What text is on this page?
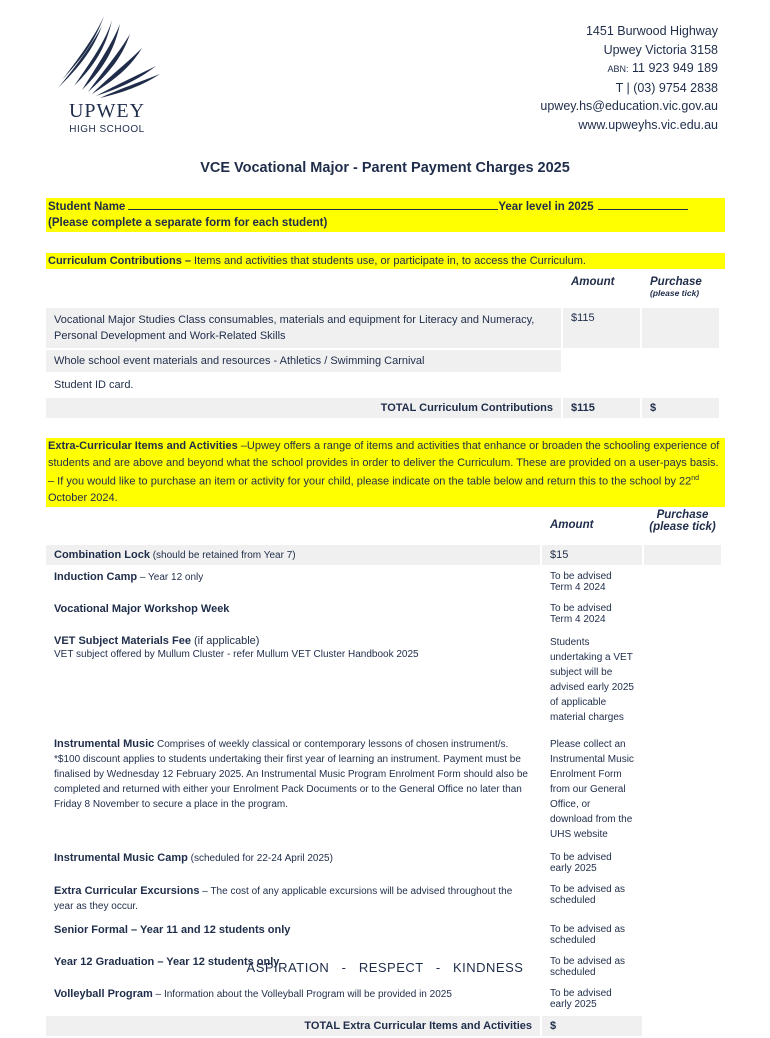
UPWEY
HIGH SCHOOL
1451 Burwood Highway
Upwey Victoria 3158
ABN: 11 923 949 189
T | (03) 9754 2838
upwey.hs@education.vic.gov.au
www.upweyhs.vic.edu.au
VCE Vocational Major - Parent Payment Charges 2025
Student Name	Year level in 2025
(Please complete a separate form for each student)
Curriculum Contributions – Items and activities that students use, or participate in, to access the Curriculum.
	Amount	Purchase
(please tick)

Vocational Major Studies Class consumables, materials and equipment for Literacy and Numeracy, Personal Development and Work-Related Skills	$115	
Whole school event materials and resources - Athletics / Swimming Carnival		
Student ID card.		
TOTAL Curriculum Contributions	$115	$
Extra-Curricular Items and Activities –Upwey offers a range of items and activities that enhance or broaden the schooling experience of students and are above and beyond what the school provides in order to deliver the Curriculum. These are provided on a user-pays basis. – If you would like to purchase an item or activity for your child, please indicate on the table below and return this to the school by 22nd October 2024.
	Amount	Purchase
(please tick)
Combination Lock (should be retained from Year 7)	$15	
Induction Camp – Year 12 only	To be advised Term 4 2024	
Vocational Major Workshop Week	To be advised Term 4 2024	
VET Subject Materials Fee (if applicable)
VET subject offered by Mullum Cluster - refer Mullum VET Cluster Handbook 2025	Students undertaking a VET subject will be advised early 2025 of applicable material charges	
Instrumental Music Comprises of weekly classical or contemporary lessons of chosen instrument/s. *$100 discount applies to students undertaking their first year of learning an instrument. Payment must be finalised by Wednesday 12 February 2025. An Instrumental Music Program Enrolment Form should also be completed and returned with either your Enrolment Pack Documents or to the General Office no later than Friday 8 November to secure a place in the program.	Please collect an Instrumental Music Enrolment Form from our General Office, or download from the UHS website	
Instrumental Music Camp (scheduled for 22-24 April 2025)	To be advised early 2025	
Extra Curricular Excursions – The cost of any applicable excursions will be advised throughout the year as they occur.	To be advised as scheduled	
Senior Formal – Year 11 and 12 students only	To be advised as scheduled	
Year 12 Graduation – Year 12 students only	To be advised as scheduled	
Volleyball Program – Information about the Volleyball Program will be provided in 2025	To be advised early 2025	
TOTAL Extra Curricular Items and Activities	$	
ASPIRATION   -   RESPECT   -   KINDNESS
